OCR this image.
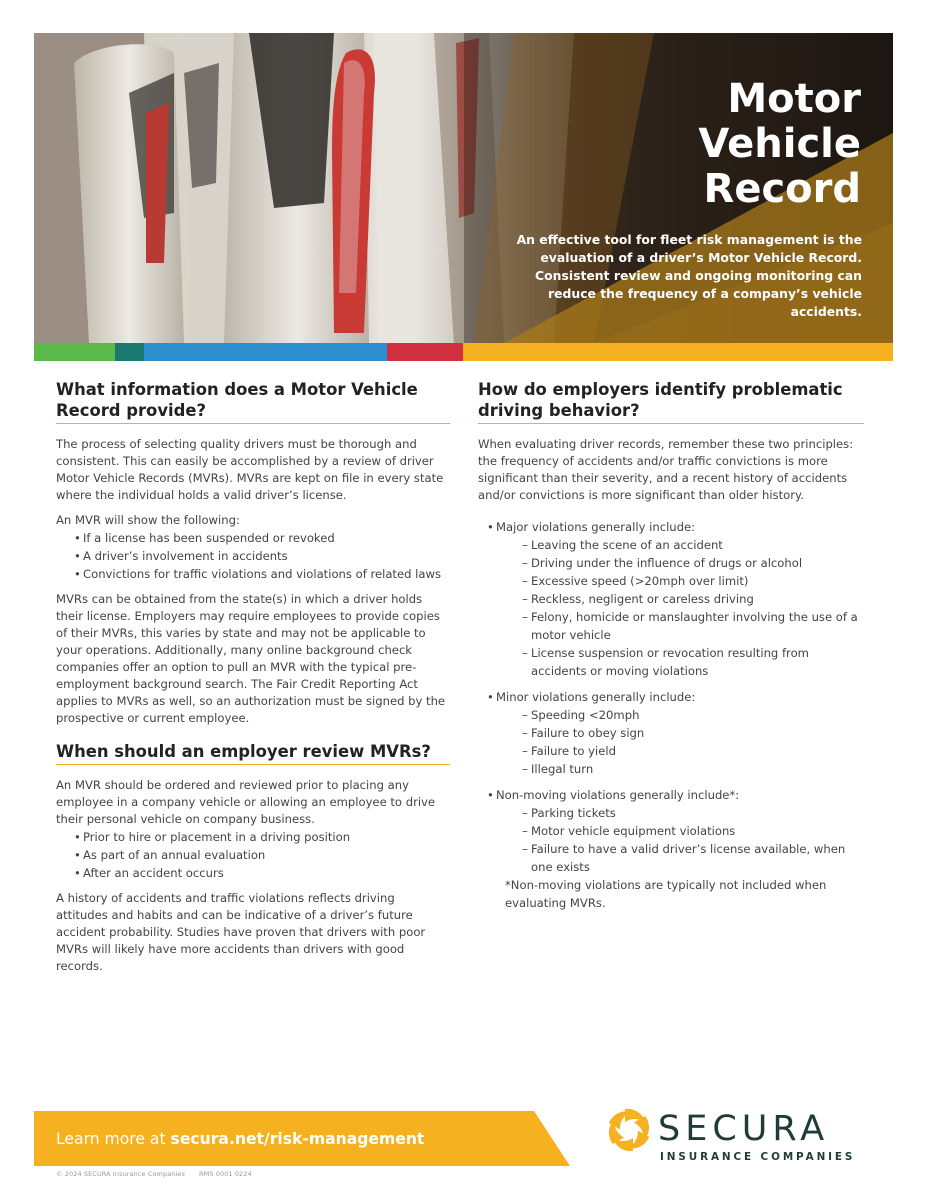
Motor
Vehicle
Record
An effective tool for fleet risk management is the evaluation of a driver’s Motor Vehicle Record. Consistent review and ongoing monitoring can reduce the frequency of a company’s vehicle accidents.
What information does a Motor Vehicle Record provide?

The process of selecting quality drivers must be thorough and consistent. This can easily be accomplished by a review of driver Motor Vehicle Records (MVRs). MVRs are kept on file in every state where the individual holds a valid driver’s license.

An MVR will show the following:

• If a license has been suspended or revoked
• A driver’s involvement in accidents
• Convictions for traffic violations and violations of related laws

MVRs can be obtained from the state(s) in which a driver holds their license. Employers may require employees to provide copies of their MVRs, this varies by state and may not be applicable to your operations. Additionally, many online background check companies offer an option to pull an MVR with the typical pre-employment background search. The Fair Credit Reporting Act applies to MVRs as well, so an authorization must be signed by the prospective or current employee.

When should an employer review MVRs?

An MVR should be ordered and reviewed prior to placing any employee in a company vehicle or allowing an employee to drive their personal vehicle on company business.

• Prior to hire or placement in a driving position
• As part of an annual evaluation
• After an accident occurs

A history of accidents and traffic violations reflects driving attitudes and habits and can be indicative of a driver’s future accident probability. Studies have proven that drivers with poor MVRs will likely have more accidents than drivers with good records.

How do employers identify problematic driving behavior?

When evaluating driver records, remember these two principles: the frequency of accidents and/or traffic convictions is more significant than their severity, and a recent history of accidents and/or convictions is more significant than older history.

• Major violations generally include:
– Leaving the scene of an accident
– Driving under the influence of drugs or alcohol
– Excessive speed (>20mph over limit)
– Reckless, negligent or careless driving
– Felony, homicide or manslaughter involving the use of a motor vehicle
– License suspension or revocation resulting from accidents or moving violations
• Minor violations generally include:
– Speeding <20mph
– Failure to obey sign
– Failure to yield
– Illegal turn
• Non-moving violations generally include*:
– Parking tickets
– Motor vehicle equipment violations
– Failure to have a valid driver’s license available, when one exists

*Non-moving violations are typically not included when evaluating MVRs.

Learn more at secura.net/risk-management
© 2024 SECURA Insurance Companies RMS 0001 0224
SECURA
INSURANCE COMPANIES
